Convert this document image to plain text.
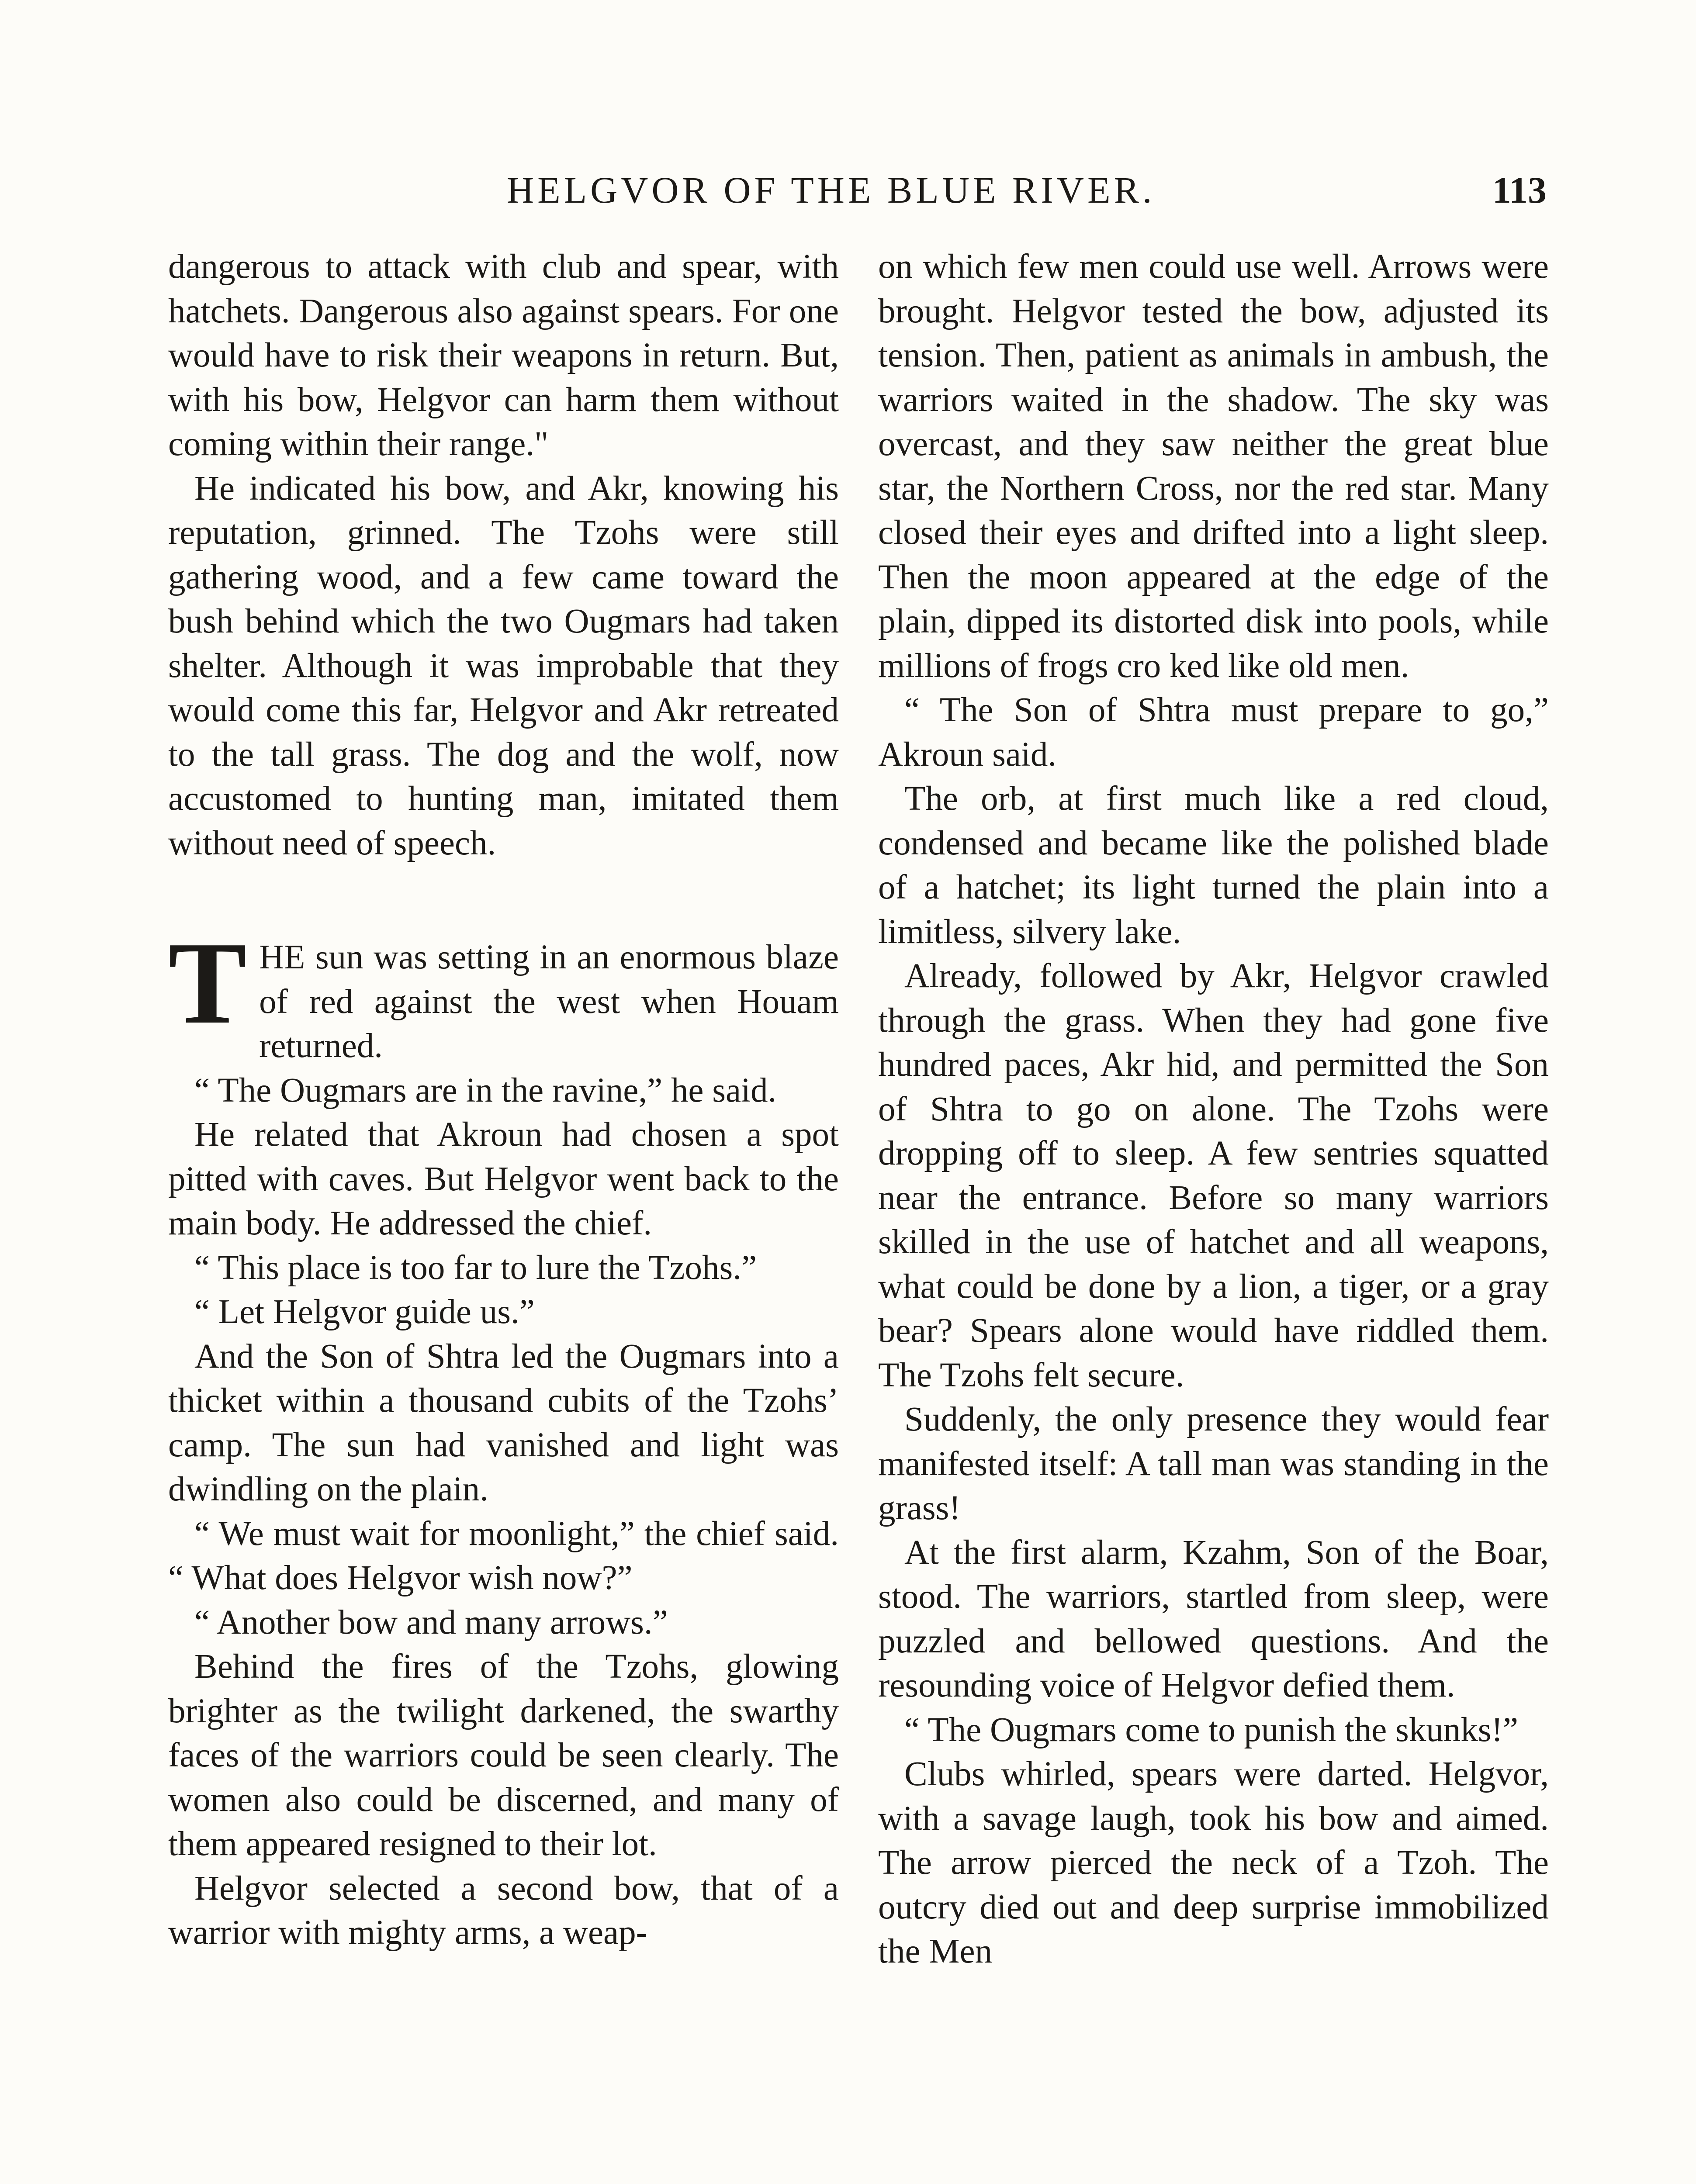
HELGVOR OF THE BLUE RIVER.	113

dangerous to attack with club and spear, with hatchets. Dangerous also against spears. For one would have to risk their weapons in return. But, with his bow, Helgvor can harm them without coming within their range."

He indicated his bow, and Akr, knowing his reputation, grinned. The Tzohs were still gathering wood, and a few came toward the bush behind which the two Ougmars had taken shelter. Although it was improbable that they would come this far, Helgvor and Akr retreated to the tall grass. The dog and the wolf, now accustomed to hunting man, imitated them without need of speech.

THE sun was setting in an enormous blaze of red against the west when Houam returned.

“ The Ougmars are in the ravine,” he said.

He related that Akroun had chosen a spot pitted with caves. But Helgvor went back to the main body. He addressed the chief.

“ This place is too far to lure the Tzohs.”

“ Let Helgvor guide us.”

And the Son of Shtra led the Ougmars into a thicket within a thousand cubits of the Tzohs’ camp. The sun had vanished and light was dwindling on the plain.

“ We must wait for moonlight,” the chief said. “ What does Helgvor wish now?”

“ Another bow and many arrows.”

Behind the fires of the Tzohs, glowing brighter as the twilight darkened, the swarthy faces of the warriors could be seen clearly. The women also could be discerned, and many of them appeared resigned to their lot.

Helgvor selected a second bow, that of a warrior with mighty arms, a weap-

on which few men could use well. Arrows were brought. Helgvor tested the bow, adjusted its tension. Then, patient as animals in ambush, the warriors waited in the shadow. The sky was overcast, and they saw neither the great blue star, the Northern Cross, nor the red star. Many closed their eyes and drifted into a light sleep. Then the moon appeared at the edge of the plain, dipped its distorted disk into pools, while millions of frogs cro ked like old men.

“ The Son of Shtra must prepare to go,” Akroun said.

The orb, at first much like a red cloud, condensed and became like the polished blade of a hatchet; its light turned the plain into a limitless, silvery lake.

Already, followed by Akr, Helgvor crawled through the grass. When they had gone five hundred paces, Akr hid, and permitted the Son of Shtra to go on alone. The Tzohs were dropping off to sleep. A few sentries squatted near the entrance. Before so many warriors skilled in the use of hatchet and all weapons, what could be done by a lion, a tiger, or a gray bear? Spears alone would have riddled them. The Tzohs felt secure.

Suddenly, the only presence they would fear manifested itself: A tall man was standing in the grass!

At the first alarm, Kzahm, Son of the Boar, stood. The warriors, startled from sleep, were puzzled and bellowed questions. And the resounding voice of Helgvor defied them.

“ The Ougmars come to punish the skunks!”

Clubs whirled, spears were darted. Helgvor, with a savage laugh, took his bow and aimed. The arrow pierced the neck of a Tzoh. The outcry died out and deep surprise immobilized the Men
